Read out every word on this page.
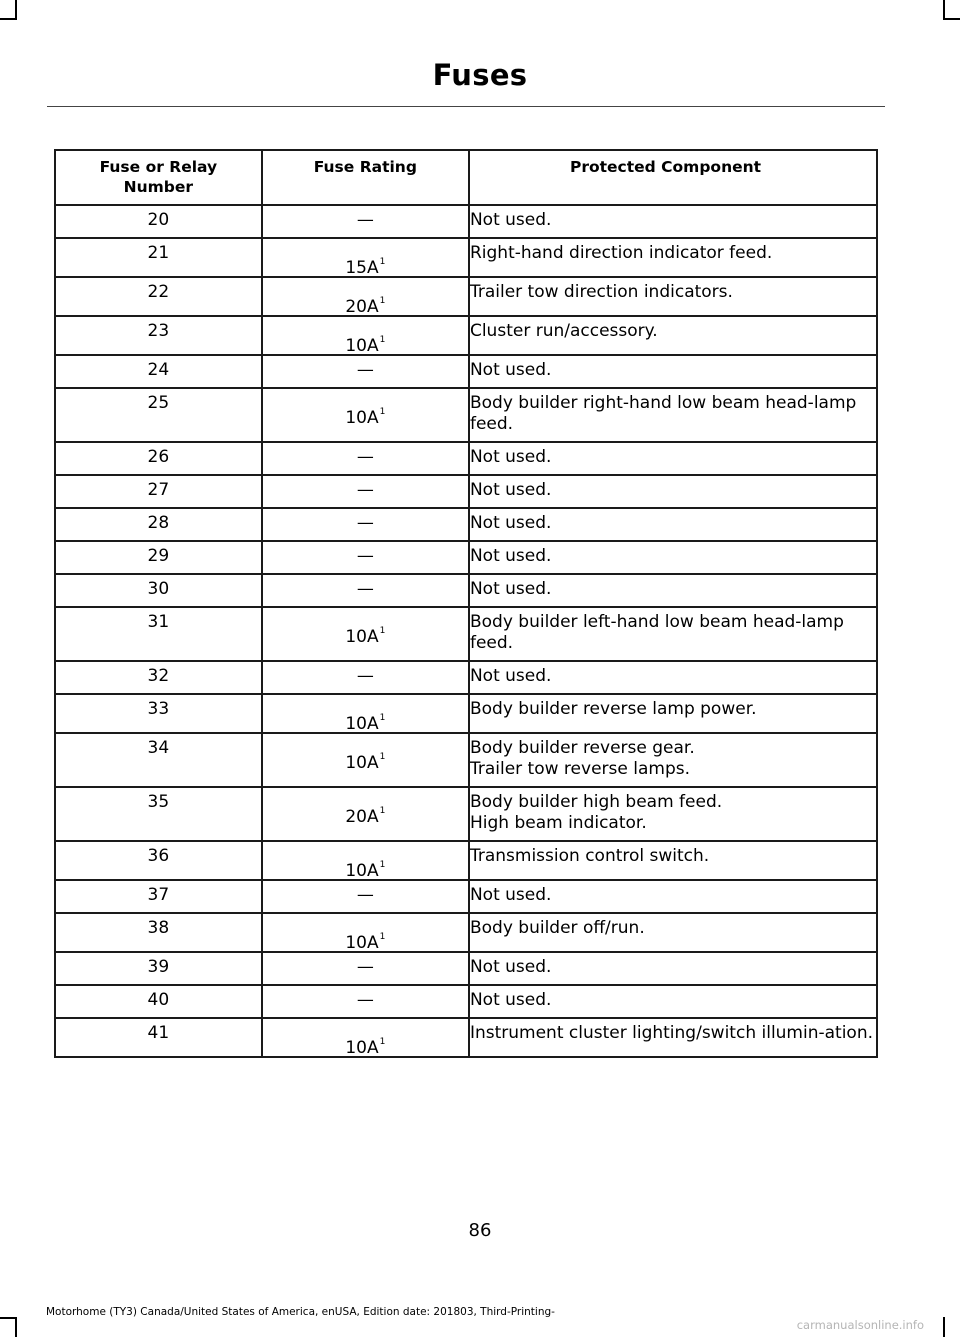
Fuses
Fuse or Relay Number	Fuse Rating	Protected Component
20	—	Not used.

21	$15A^1$	Right-hand direction indicator feed.

22	$20A^1$	Trailer tow direction indicators.

23	$10A^1$	Cluster run/accessory.

24	—	Not used.

25	$10A^1$	Body builder right-hand low beam head-lamp feed.

26	—	Not used.

27	—	Not used.

28	—	Not used.

29	—	Not used.

30	—	Not used.

31	$10A^1$	Body builder left-hand low beam head-lamp feed.

32	—	Not used.

33	$10A^1$	Body builder reverse lamp power.

34	$10A^1$	Body builder reverse gear.
Trailer tow reverse lamps.

35	$20A^1$	Body builder high beam feed.
High beam indicator.

36	$10A^1$	Transmission control switch.

37	—	Not used.

38	$10A^1$	Body builder off/run.

39	—	Not used.

40	—	Not used.

41	$10A^1$	Instrument cluster lighting/switch illumin-ation.
86
Motorhome (TY3) Canada/United States of America, enUSA, Edition date: 201803, Third-Printing-
carmanualsonline.info
